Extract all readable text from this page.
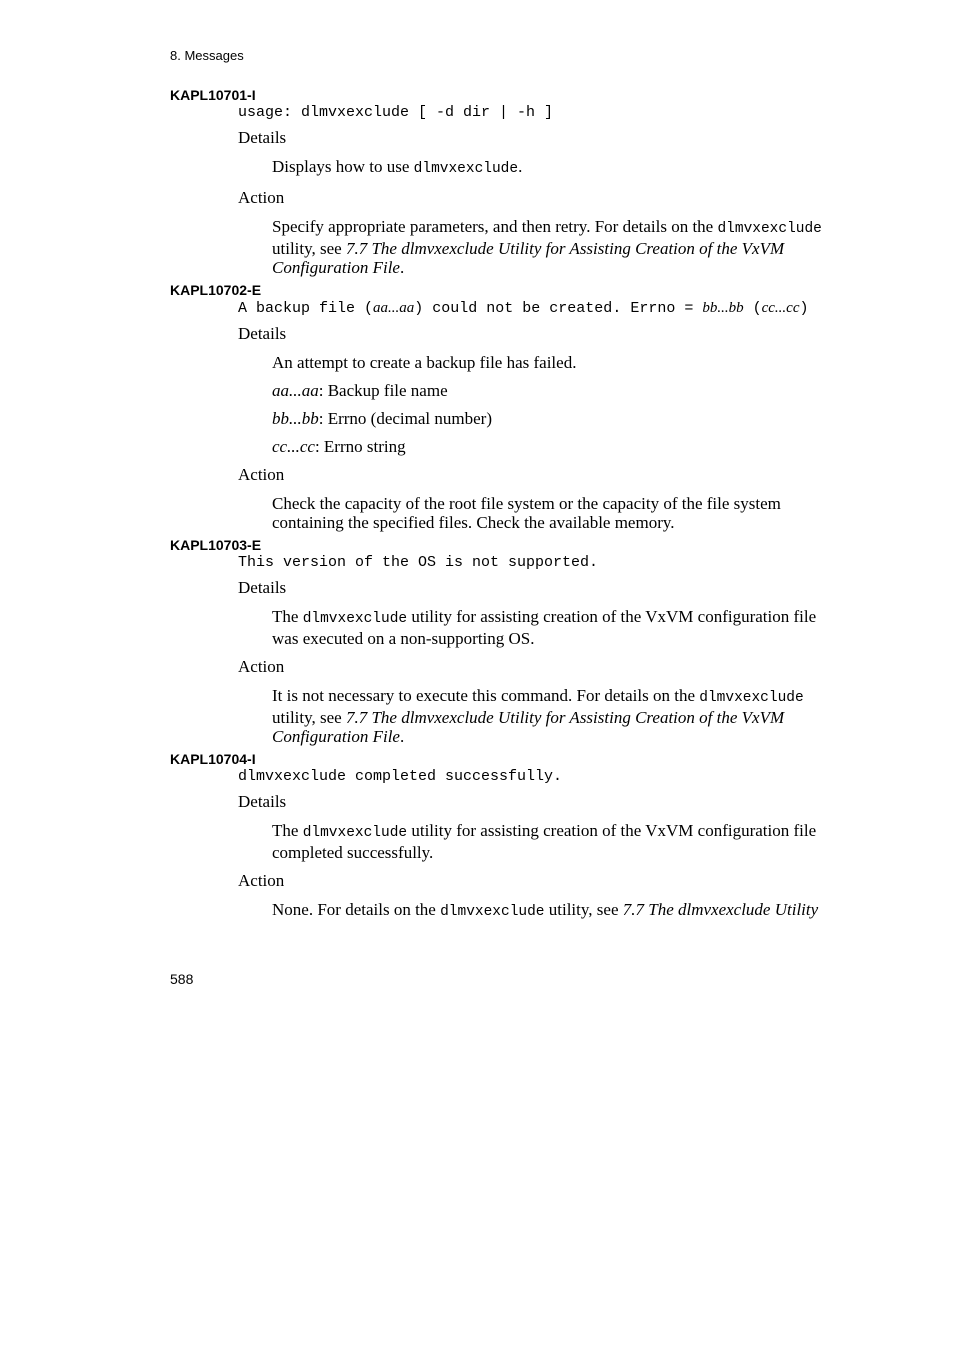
8. Messages

KAPL10701-I

usage: dlmvxexclude [ -d dir | -h ]

Details

Displays how to use dlmvxexclude.

Action

Specify appropriate parameters, and then retry. For details on the dlmvxexclude utility, see 7.7 The dlmvxexclude Utility for Assisting Creation of the VxVM Configuration File.

KAPL10702-E

A backup file (aa...aa) could not be created. Errno = bb...bb (cc...cc)

Details

An attempt to create a backup file has failed.

aa...aa: Backup file name

bb...bb: Errno (decimal number)

cc...cc: Errno string

Action

Check the capacity of the root file system or the capacity of the file system containing the specified files. Check the available memory.

KAPL10703-E

This version of the OS is not supported.

Details

The dlmvxexclude utility for assisting creation of the VxVM configuration file was executed on a non-supporting OS.

Action

It is not necessary to execute this command. For details on the dlmvxexclude utility, see 7.7 The dlmvxexclude Utility for Assisting Creation of the VxVM Configuration File.

KAPL10704-I

dlmvxexclude completed successfully.

Details

The dlmvxexclude utility for assisting creation of the VxVM configuration file completed successfully.

Action

None. For details on the dlmvxexclude utility, see 7.7 The dlmvxexclude Utility

588
